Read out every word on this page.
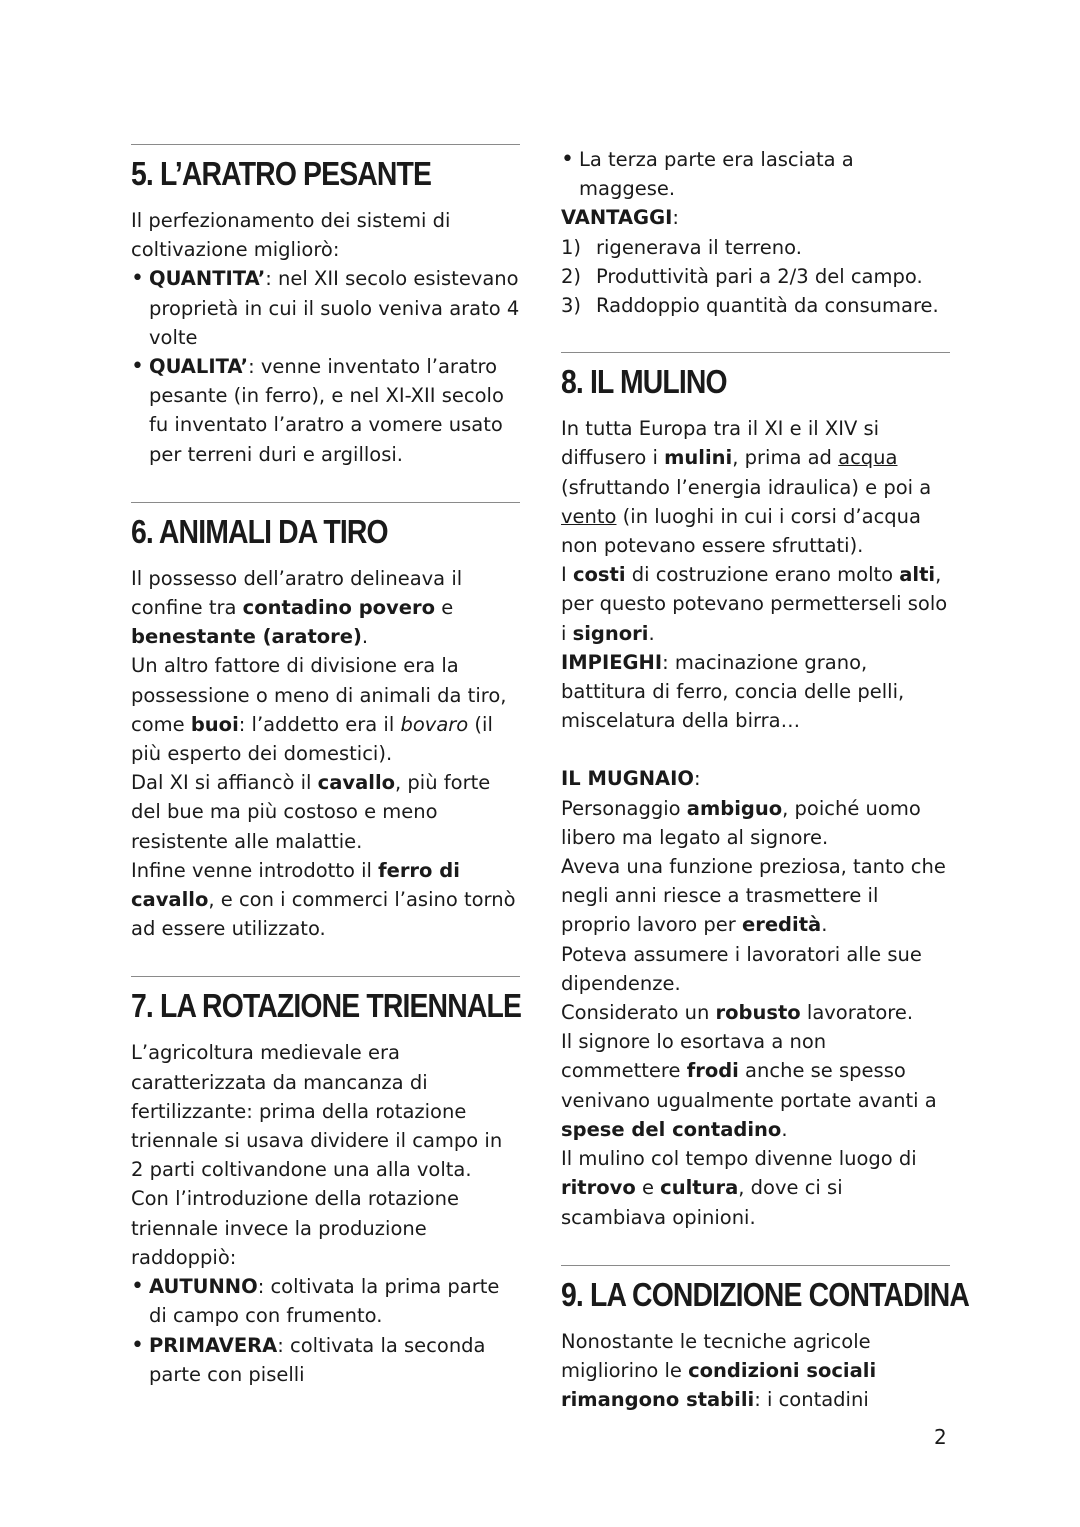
5. L’ARATRO PESANTE

Il perfezionamento dei sistemi di coltivazione migliorò:

• QUANTITA’: nel XII secolo esistevano proprietà in cui il suolo veniva arato 4 volte
• QUALITA’: venne inventato l’aratro pesante (in ferro), e nel XI-XII secolo fu inventato l’aratro a vomere usato per terreni duri e argillosi.
6. ANIMALI DA TIRO

Il possesso dell’aratro delineava il confine tra contadino povero e benestante (aratore).

Un altro fattore di divisione era la possessione o meno di animali da tiro, come buoi: l’addetto era il bovaro (il più esperto dei domestici).

Dal XI si affiancò il cavallo, più forte del bue ma più costoso e meno resistente alle malattie.

Infine venne introdotto il ferro di cavallo, e con i commerci l’asino tornò ad essere utilizzato.

7. LA ROTAZIONE TRIENNALE

L’agricoltura medievale era caratterizzata da mancanza di fertilizzante: prima della rotazione triennale si usava dividere il campo in 2 parti coltivandone una alla volta.

Con l’introduzione della rotazione triennale invece la produzione raddoppiò:

• AUTUNNO: coltivata la prima parte di campo con frumento.
• PRIMAVERA: coltivata la seconda parte con piselli
• La terza parte era lasciata a maggese.

VANTAGGI:

1) rigenerava il terreno.
2) Produttività pari a 2/3 del campo.
3) Raddoppio quantità da consumare.
8. IL MULINO

In tutta Europa tra il XI e il XIV si diffusero i mulini, prima ad acqua (sfruttando l’energia idraulica) e poi a vento (in luoghi in cui i corsi d’acqua non potevano essere sfruttati).

I costi di costruzione erano molto alti, per questo potevano permetterseli solo i signori.

IMPIEGHI: macinazione grano, battitura di ferro, concia delle pelli, miscelatura della birra…

IL MUGNAIO:

Personaggio ambiguo, poiché uomo libero ma legato al signore.

Aveva una funzione preziosa, tanto che negli anni riesce a trasmettere il proprio lavoro per eredità.

Poteva assumere i lavoratori alle sue dipendenze.

Considerato un robusto lavoratore.

Il signore lo esortava a non commettere frodi anche se spesso venivano ugualmente portate avanti a spese del contadino.

Il mulino col tempo divenne luogo di ritrovo e cultura, dove ci si scambiava opinioni.

9. LA CONDIZIONE CONTADINA

Nonostante le tecniche agricole migliorino le condizioni sociali rimangono stabili: i contadini

2
